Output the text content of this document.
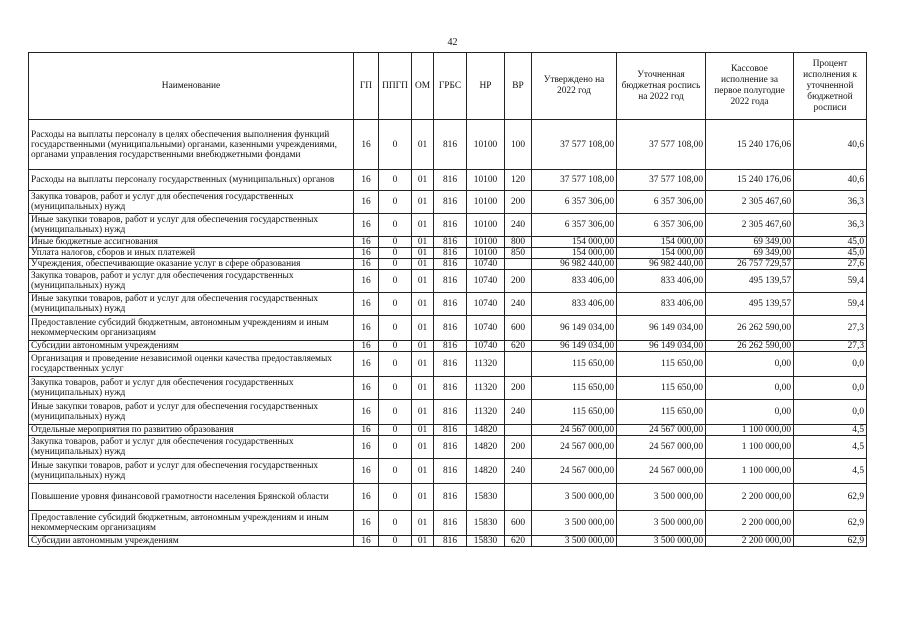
42
Наименование	ГП	ППГП	ОМ	ГРБС	НР	ВР	Утверждено на 2022 год	Уточненная бюджетная роспись на 2022 год	Кассовое исполнение за первое полугодие 2022 года	Процент исполнения к уточненной бюджетной росписи
Расходы на выплаты персоналу в целях обеспечения выполнения функций государственными (муниципальными) органами, казенными учреждениями, органами управления государственными внебюджетными фондами	16	0	01	816	10100	100	37 577 108,00	37 577 108,00	15 240 176,06	40,6
Расходы на выплаты персоналу государственных (муниципальных) органов	16	0	01	816	10100	120	37 577 108,00	37 577 108,00	15 240 176,06	40,6
Закупка товаров, работ и услуг для обеспечения государственных (муниципальных) нужд	16	0	01	816	10100	200	6 357 306,00	6 357 306,00	2 305 467,60	36,3
Иные закупки товаров, работ и услуг для обеспечения государственных (муниципальных) нужд	16	0	01	816	10100	240	6 357 306,00	6 357 306,00	2 305 467,60	36,3
Иные бюджетные ассигнования	16	0	01	816	10100	800	154 000,00	154 000,00	69 349,00	45,0
Уплата налогов, сборов и иных платежей	16	0	01	816	10100	850	154 000,00	154 000,00	69 349,00	45,0
Учреждения, обеспечивающие оказание услуг в сфере образования	16	0	01	816	10740		96 982 440,00	96 982 440,00	26 757 729,57	27,6
Закупка товаров, работ и услуг для обеспечения государственных (муниципальных) нужд	16	0	01	816	10740	200	833 406,00	833 406,00	495 139,57	59,4
Иные закупки товаров, работ и услуг для обеспечения государственных (муниципальных) нужд	16	0	01	816	10740	240	833 406,00	833 406,00	495 139,57	59,4
Предоставление субсидий бюджетным, автономным учреждениям и иным некоммерческим организациям	16	0	01	816	10740	600	96 149 034,00	96 149 034,00	26 262 590,00	27,3
Субсидии автономным учреждениям	16	0	01	816	10740	620	96 149 034,00	96 149 034,00	26 262 590,00	27,3
Организация и проведение независимой оценки качества предоставляемых государственных услуг	16	0	01	816	11320		115 650,00	115 650,00	0,00	0,0
Закупка товаров, работ и услуг для обеспечения государственных (муниципальных) нужд	16	0	01	816	11320	200	115 650,00	115 650,00	0,00	0,0
Иные закупки товаров, работ и услуг для обеспечения государственных (муниципальных) нужд	16	0	01	816	11320	240	115 650,00	115 650,00	0,00	0,0
Отдельные мероприятия по развитию образования	16	0	01	816	14820		24 567 000,00	24 567 000,00	1 100 000,00	4,5
Закупка товаров, работ и услуг для обеспечения государственных (муниципальных) нужд	16	0	01	816	14820	200	24 567 000,00	24 567 000,00	1 100 000,00	4,5
Иные закупки товаров, работ и услуг для обеспечения государственных (муниципальных) нужд	16	0	01	816	14820	240	24 567 000,00	24 567 000,00	1 100 000,00	4,5
Повышение уровня финансовой грамотности населения Брянской области	16	0	01	816	15830		3 500 000,00	3 500 000,00	2 200 000,00	62,9
Предоставление субсидий бюджетным, автономным учреждениям и иным некоммерческим организациям	16	0	01	816	15830	600	3 500 000,00	3 500 000,00	2 200 000,00	62,9
Субсидии автономным учреждениям	16	0	01	816	15830	620	3 500 000,00	3 500 000,00	2 200 000,00	62,9
